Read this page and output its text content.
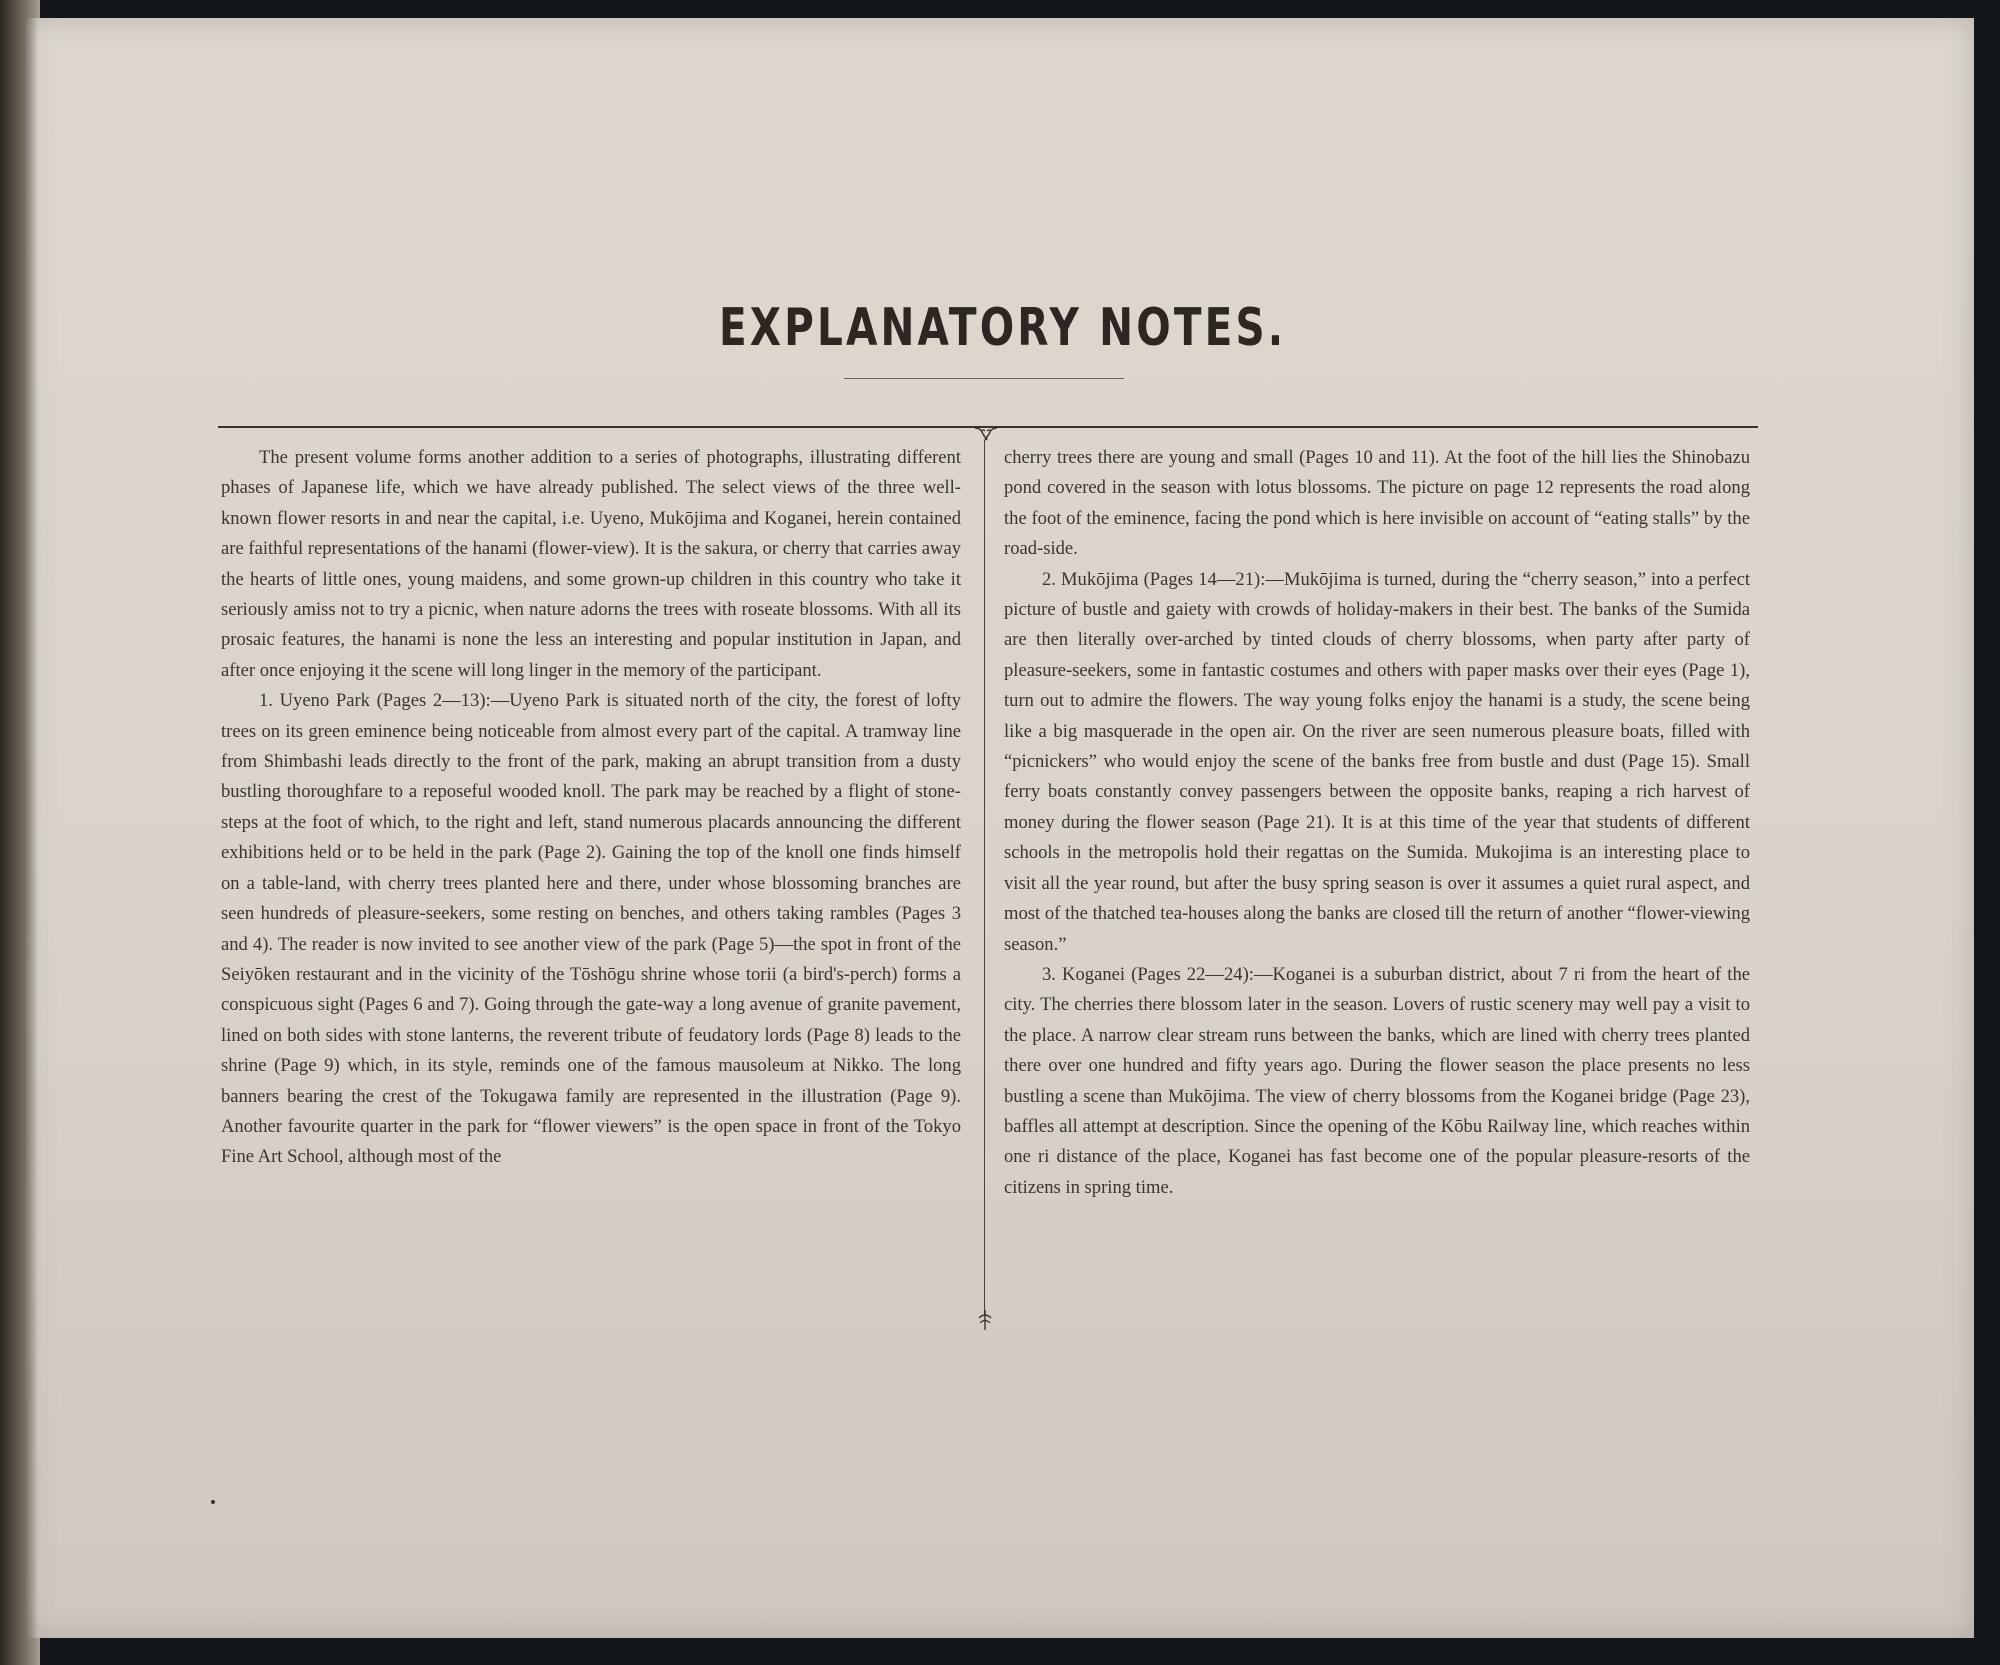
EXPLANATORY NOTES.

The present volume forms another addition to a series of photographs, illustrating different phases of Japanese life, which we have already published. The select views of the three well-known flower resorts in and near the capital, i.e. Uyeno, Mukōjima and Koganei, herein contained are faithful representations of the hanami (flower-view). It is the sakura, or cherry that carries away the hearts of little ones, young maidens, and some grown-up children in this country who take it seriously amiss not to try a picnic, when nature adorns the trees with roseate blossoms. With all its prosaic features, the hanami is none the less an interesting and popular institution in Japan, and after once enjoying it the scene will long linger in the memory of the participant.

1. Uyeno Park (Pages 2—13):—Uyeno Park is situated north of the city, the forest of lofty trees on its green eminence being noticeable from almost every part of the capital. A tramway line from Shimbashi leads directly to the front of the park, making an abrupt transition from a dusty bustling thoroughfare to a reposeful wooded knoll. The park may be reached by a flight of stone-steps at the foot of which, to the right and left, stand numerous placards announcing the different exhibitions held or to be held in the park (Page 2). Gaining the top of the knoll one finds himself on a table-land, with cherry trees planted here and there, under whose blossoming branches are seen hundreds of pleasure-seekers, some resting on benches, and others taking rambles (Pages 3 and 4). The reader is now invited to see another view of the park (Page 5)—the spot in front of the Seiyōken restaurant and in the vicinity of the Tōshōgu shrine whose torii (a bird's-perch) forms a conspicuous sight (Pages 6 and 7). Going through the gate-way a long avenue of granite pavement, lined on both sides with stone lanterns, the reverent tribute of feudatory lords (Page 8) leads to the shrine (Page 9) which, in its style, reminds one of the famous mausoleum at Nikko. The long banners bearing the crest of the Tokugawa family are represented in the illustration (Page 9). Another favourite quarter in the park for “flower viewers” is the open space in front of the Tokyo Fine Art School, although most of the

cherry trees there are young and small (Pages 10 and 11). At the foot of the hill lies the Shinobazu pond covered in the season with lotus blossoms. The picture on page 12 represents the road along the foot of the eminence, facing the pond which is here invisible on account of “eating stalls” by the road-side.

2. Mukōjima (Pages 14—21):—Mukōjima is turned, during the “cherry season,” into a perfect picture of bustle and gaiety with crowds of holiday-makers in their best. The banks of the Sumida are then literally over-arched by tinted clouds of cherry blossoms, when party after party of pleasure-seekers, some in fantastic costumes and others with paper masks over their eyes (Page 1), turn out to admire the flowers. The way young folks enjoy the hanami is a study, the scene being like a big masquerade in the open air. On the river are seen numerous pleasure boats, filled with “picnickers” who would enjoy the scene of the banks free from bustle and dust (Page 15). Small ferry boats constantly convey passengers between the opposite banks, reaping a rich harvest of money during the flower season (Page 21). It is at this time of the year that students of different schools in the metropolis hold their regattas on the Sumida. Mukojima is an interesting place to visit all the year round, but after the busy spring season is over it assumes a quiet rural aspect, and most of the thatched tea-houses along the banks are closed till the return of another “flower-viewing season.”

3. Koganei (Pages 22—24):—Koganei is a suburban district, about 7 ri from the heart of the city. The cherries there blossom later in the season. Lovers of rustic scenery may well pay a visit to the place. A narrow clear stream runs between the banks, which are lined with cherry trees planted there over one hundred and fifty years ago. During the flower season the place presents no less bustling a scene than Mukōjima. The view of cherry blossoms from the Koganei bridge (Page 23), baffles all attempt at description. Since the opening of the Kōbu Railway line, which reaches within one ri distance of the place, Koganei has fast become one of the popular pleasure-resorts of the citizens in spring time.
